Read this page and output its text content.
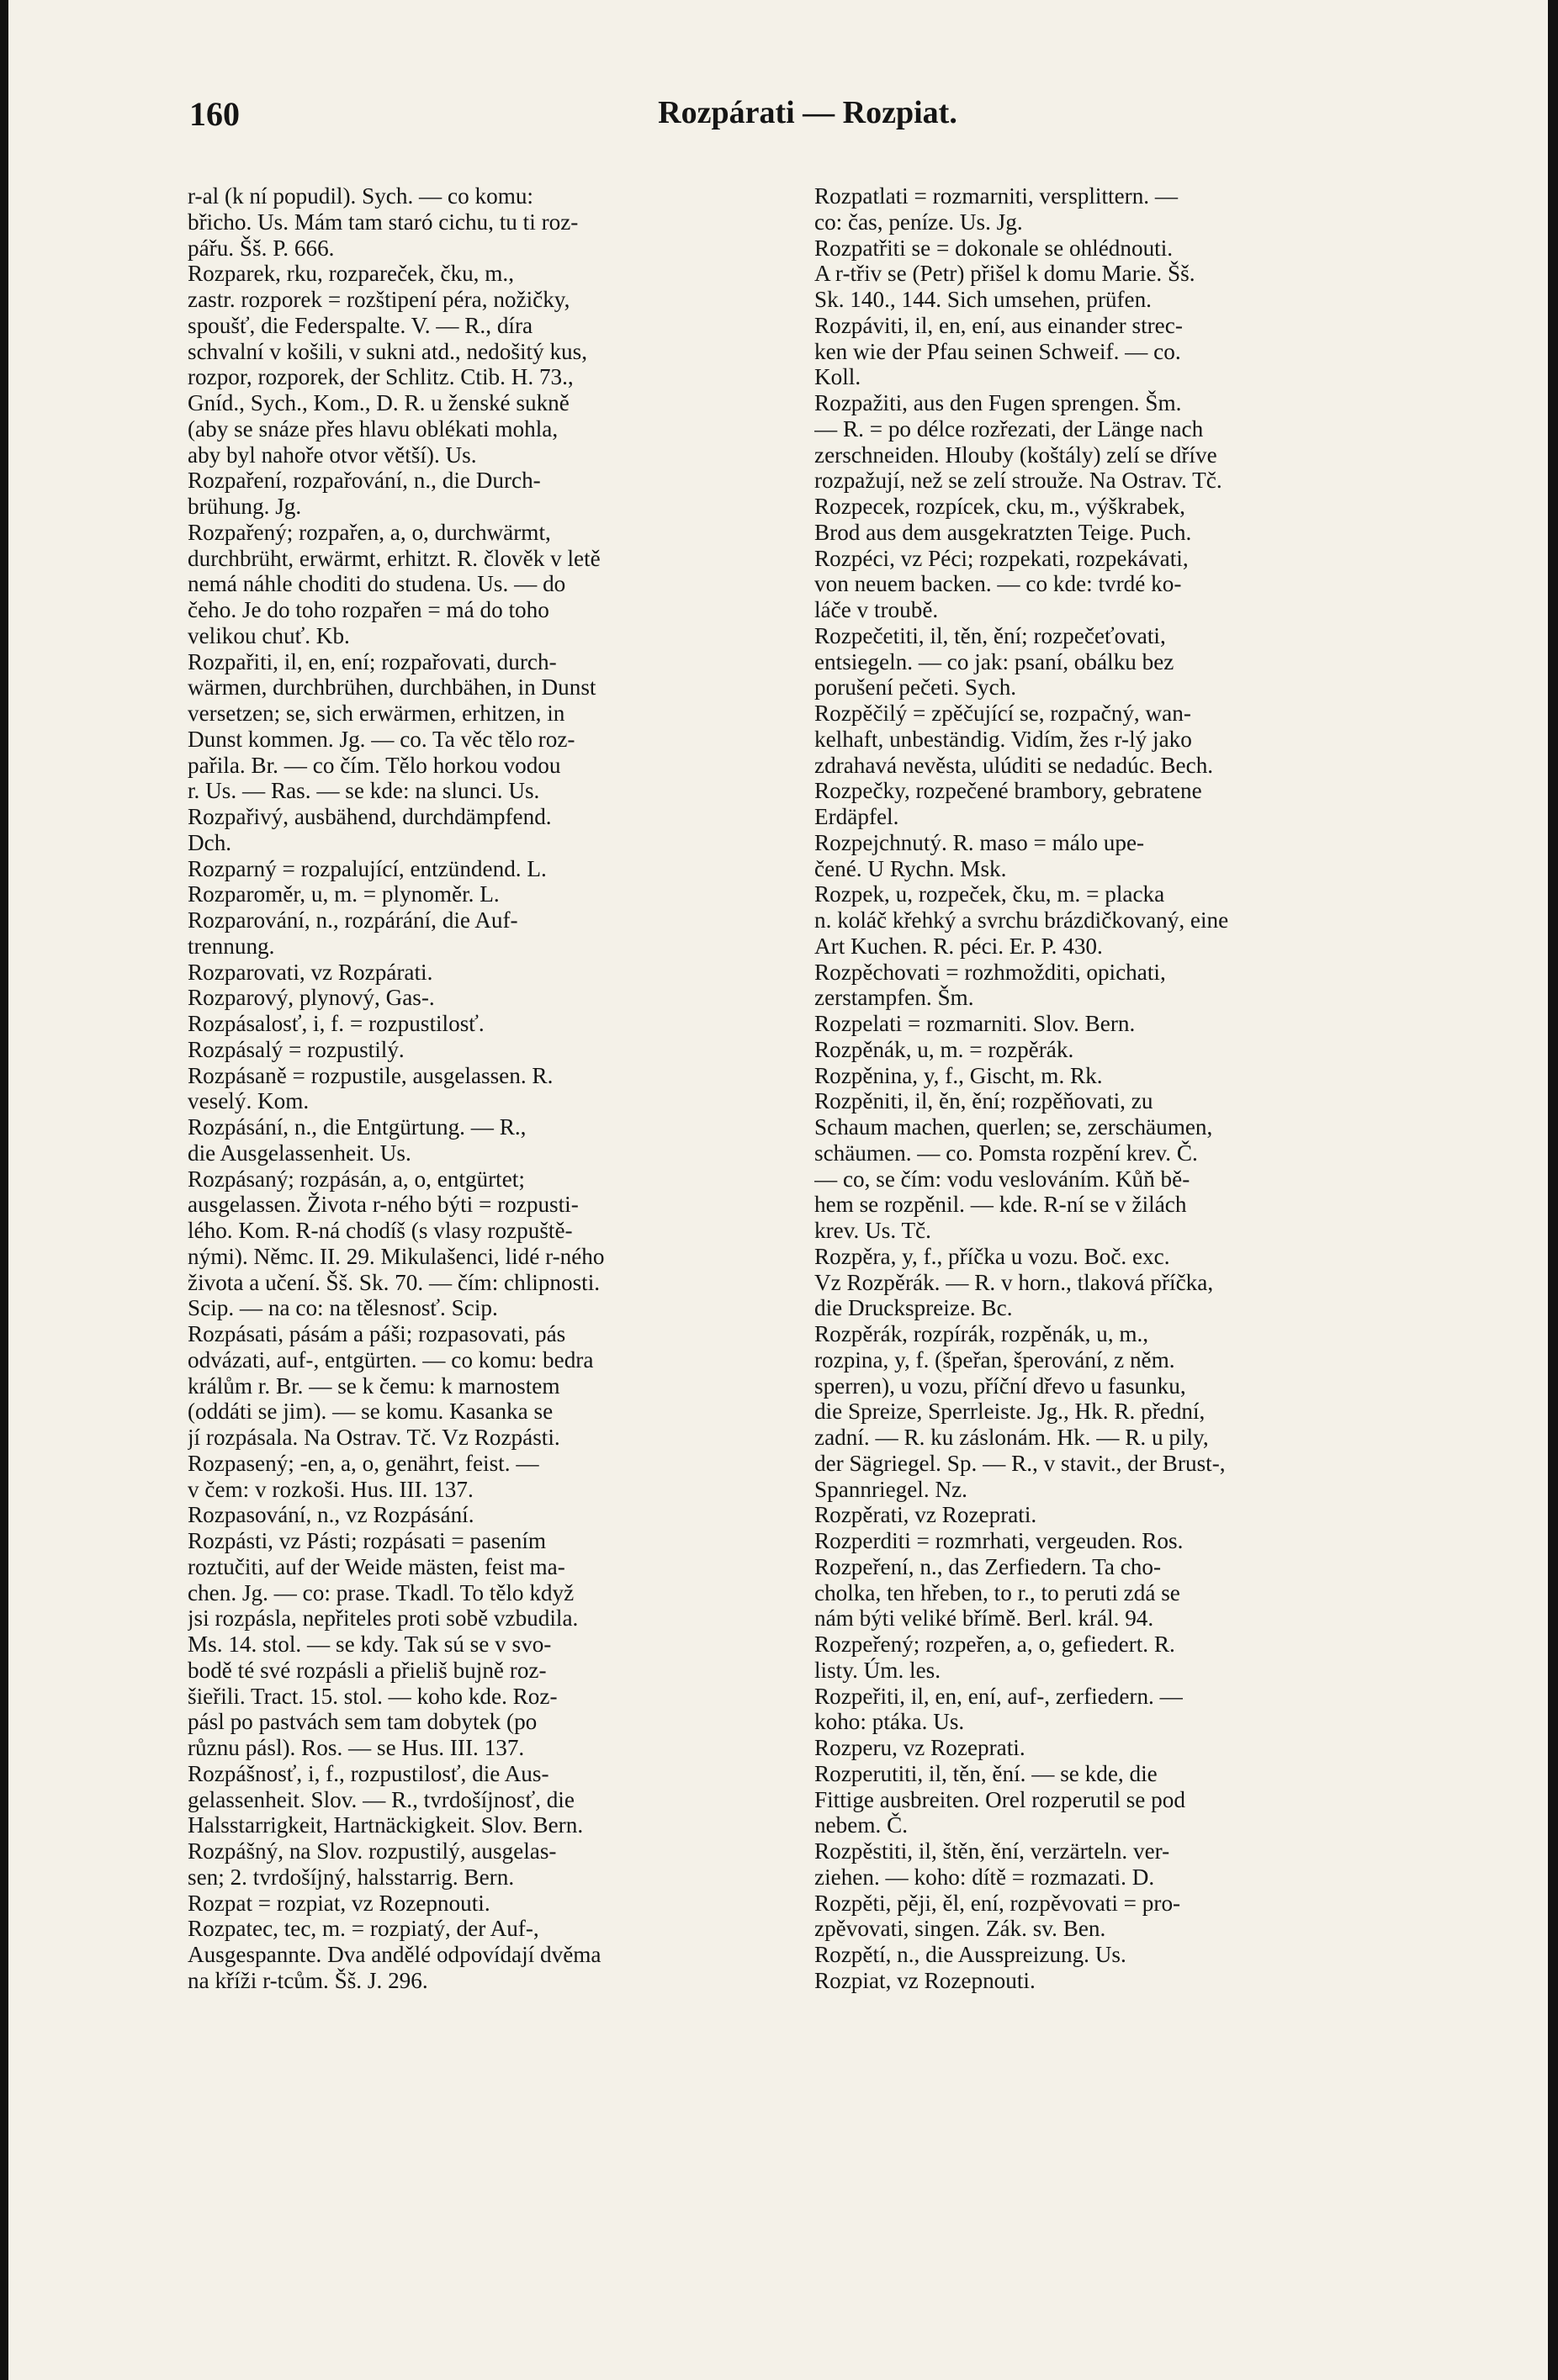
160	Rozpárati — Rozpiat.
r-al (k ní popudil). Sych. — co komu:
břicho. Us. Mám tam staró cichu, tu ti roz-
pářu. Šš. P. 666.
Rozparek, rku, rozpareček, čku, m.,
zastr. rozporek = rozštipení péra, nožičky,
spoušť, die Federspalte. V. — R., díra
schvalní v košili, v sukni atd., nedošitý kus,
rozpor, rozporek, der Schlitz. Ctib. H. 73.,
Gníd., Sych., Kom., D. R. u ženské sukně
(aby se snáze přes hlavu oblékati mohla,
aby byl nahoře otvor větší). Us.
Rozpaření, rozpařování, n., die Durch-
brühung. Jg.
Rozpařený; rozpařen, a, o, durchwärmt,
durchbrüht, erwärmt, erhitzt. R. člověk v letě
nemá náhle choditi do studena. Us. — do
čeho. Je do toho rozpařen = má do toho
velikou chuť. Kb.
Rozpařiti, il, en, ení; rozpařovati, durch-
wärmen, durchbrühen, durchbähen, in Dunst
versetzen; se, sich erwärmen, erhitzen, in
Dunst kommen. Jg. — co. Ta věc tělo roz-
pařila. Br. — co čím. Tělo horkou vodou
r. Us. — Ras. — se kde: na slunci. Us.
Rozpařivý, ausbähend, durchdämpfend.
Dch.
Rozparný = rozpalující, entzündend. L.
Rozparoměr, u, m. = plynoměr. L.
Rozparování, n., rozpárání, die Auf-
trennung.
Rozparovati, vz Rozpárati.
Rozparový, plynový, Gas-.
Rozpásalosť, i, f. = rozpustilosť.
Rozpásalý = rozpustilý.
Rozpásaně = rozpustile, ausgelassen. R.
veselý. Kom.
Rozpásání, n., die Entgürtung. — R.,
die Ausgelassenheit. Us.
Rozpásaný; rozpásán, a, o, entgürtet;
ausgelassen. Života r-ného býti = rozpusti-
lého. Kom. R-ná chodíš (s vlasy rozpuště-
nými). Němc. II. 29. Mikulašenci, lidé r-ného
života a učení. Šš. Sk. 70. — čím: chlipnosti.
Scip. — na co: na tělesnosť. Scip.
Rozpásati, pásám a páši; rozpasovati, pás
odvázati, auf-, entgürten. — co komu: bedra
králům r. Br. — se k čemu: k marnostem
(oddáti se jim). — se komu. Kasanka se
jí rozpásala. Na Ostrav. Tč. Vz Rozpásti.
Rozpasený; -en, a, o, genährt, feist. —
v čem: v rozkoši. Hus. III. 137.
Rozpasování, n., vz Rozpásání.
Rozpásti, vz Pásti; rozpásati = pasením
roztučiti, auf der Weide mästen, feist ma-
chen. Jg. — co: prase. Tkadl. To tělo když
jsi rozpásla, nepřiteles proti sobě vzbudila.
Ms. 14. stol. — se kdy. Tak sú se v svo-
bodě té své rozpásli a přieliš bujně roz-
šieřili. Tract. 15. stol. — koho kde. Roz-
pásl po pastvách sem tam dobytek (po
různu pásl). Ros. — se Hus. III. 137.
Rozpášnosť, i, f., rozpustilosť, die Aus-
gelassenheit. Slov. — R., tvrdošíjnosť, die
Halsstarrigkeit, Hartnäckigkeit. Slov. Bern.
Rozpášný, na Slov. rozpustilý, ausgelas-
sen; 2. tvrdošíjný, halsstarrig. Bern.
Rozpat = rozpiat, vz Rozepnouti.
Rozpatec, tec, m. = rozpiatý, der Auf-,
Ausgespannte. Dva andělé odpovídají dvěma
na kříži r-tcům. Šš. J. 296.
Rozpatlati = rozmarniti, versplittern. —
co: čas, peníze. Us. Jg.
Rozpatřiti se = dokonale se ohlédnouti.
A r-třiv se (Petr) přišel k domu Marie. Šš.
Sk. 140., 144. Sich umsehen, prüfen.
Rozpáviti, il, en, ení, aus einander strec-
ken wie der Pfau seinen Schweif. — co.
Koll.
Rozpažiti, aus den Fugen sprengen. Šm.
— R. = po délce rozřezati, der Länge nach
zerschneiden. Hlouby (koštály) zelí se dříve
rozpažují, než se zelí strouže. Na Ostrav. Tč.
Rozpecek, rozpícek, cku, m., výškrabek,
Brod aus dem ausgekratzten Teige. Puch.
Rozpéci, vz Péci; rozpekati, rozpekávati,
von neuem backen. — co kde: tvrdé ko-
láče v troubě.
Rozpečetiti, il, těn, ění; rozpečeťovati,
entsiegeln. — co jak: psaní, obálku bez
porušení pečeti. Sych.
Rozpěčilý = zpěčující se, rozpačný, wan-
kelhaft, unbeständig. Vidím, žes r-lý jako
zdrahavá nevěsta, ulúditi se nedadúc. Bech.
Rozpečky, rozpečené brambory, gebratene
Erdäpfel.
Rozpejchnutý. R. maso = málo upe-
čené. U Rychn. Msk.
Rozpek, u, rozpeček, čku, m. = placka
n. koláč křehký a svrchu brázdičkovaný, eine
Art Kuchen. R. péci. Er. P. 430.
Rozpěchovati = rozhmožditi, opichati,
zerstampfen. Šm.
Rozpelati = rozmarniti. Slov. Bern.
Rozpěnák, u, m. = rozpěrák.
Rozpěnina, y, f., Gischt, m. Rk.
Rozpěniti, il, ěn, ění; rozpěňovati, zu
Schaum machen, querlen; se, zerschäumen,
schäumen. — co. Pomsta rozpění krev. Č.
— co, se čím: vodu veslováním. Kůň bě-
hem se rozpěnil. — kde. R-ní se v žilách
krev. Us. Tč.
Rozpěra, y, f., příčka u vozu. Boč. exc.
Vz Rozpěrák. — R. v horn., tlaková příčka,
die Druckspreize. Bc.
Rozpěrák, rozpírák, rozpěnák, u, m.,
rozpina, y, f. (špeřan, šperování, z něm.
sperren), u vozu, příční dřevo u fasunku,
die Spreize, Sperrleiste. Jg., Hk. R. přední,
zadní. — R. ku záslonám. Hk. — R. u pily,
der Sägriegel. Sp. — R., v stavit., der Brust-,
Spannriegel. Nz.
Rozpěrati, vz Rozeprati.
Rozperditi = rozmrhati, vergeuden. Ros.
Rozpeření, n., das Zerfiedern. Ta cho-
cholka, ten hřeben, to r., to peruti zdá se
nám býti veliké břímě. Berl. král. 94.
Rozpeřený; rozpeřen, a, o, gefiedert. R.
listy. Úm. les.
Rozpeřiti, il, en, ení, auf-, zerfiedern. —
koho: ptáka. Us.
Rozperu, vz Rozeprati.
Rozperutiti, il, těn, ění. — se kde, die
Fittige ausbreiten. Orel rozperutil se pod
nebem. Č.
Rozpěstiti, il, štěn, ění, verzärteln. ver-
ziehen. — koho: dítě = rozmazati. D.
Rozpěti, pěji, ěl, ení, rozpěvovati = pro-
zpěvovati, singen. Zák. sv. Ben.
Rozpětí, n., die Ausspreizung. Us.
Rozpiat, vz Rozepnouti.
